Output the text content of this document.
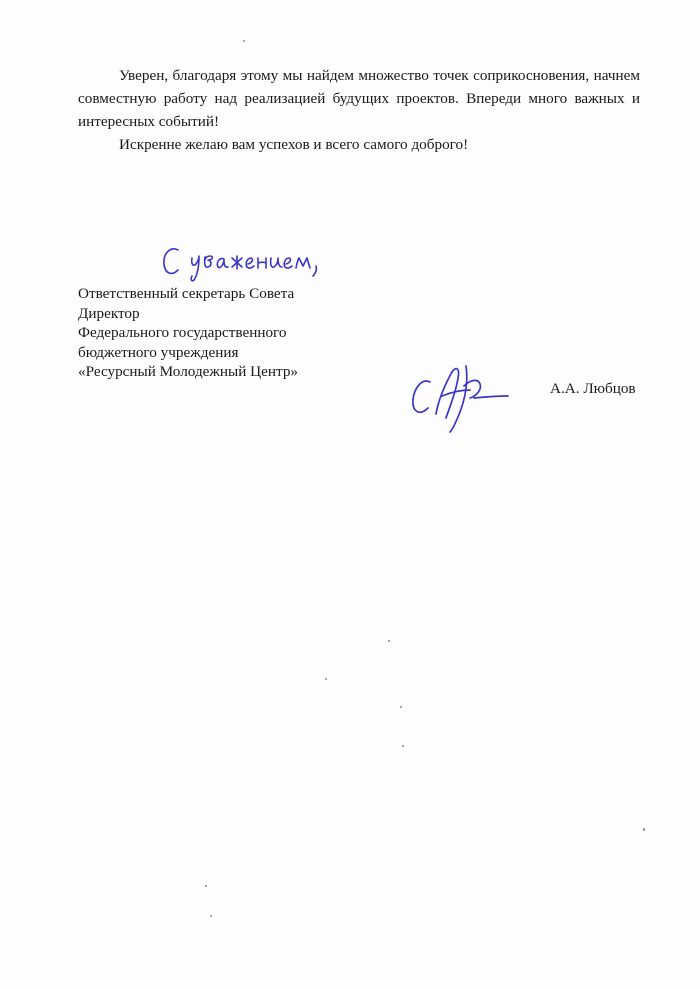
Уверен, благодаря этому мы найдем множество точек соприкосновения, начнем совместную работу над реализацией будущих проектов. Впереди много важных и интересных событий!

Искренне желаю вам успехов и всего самого доброго!

Ответственный секретарь Совета
Директор
Федерального государственного
бюджетного учреждения
«Ресурсный Молодежный Центр»
А.А. Любцов
